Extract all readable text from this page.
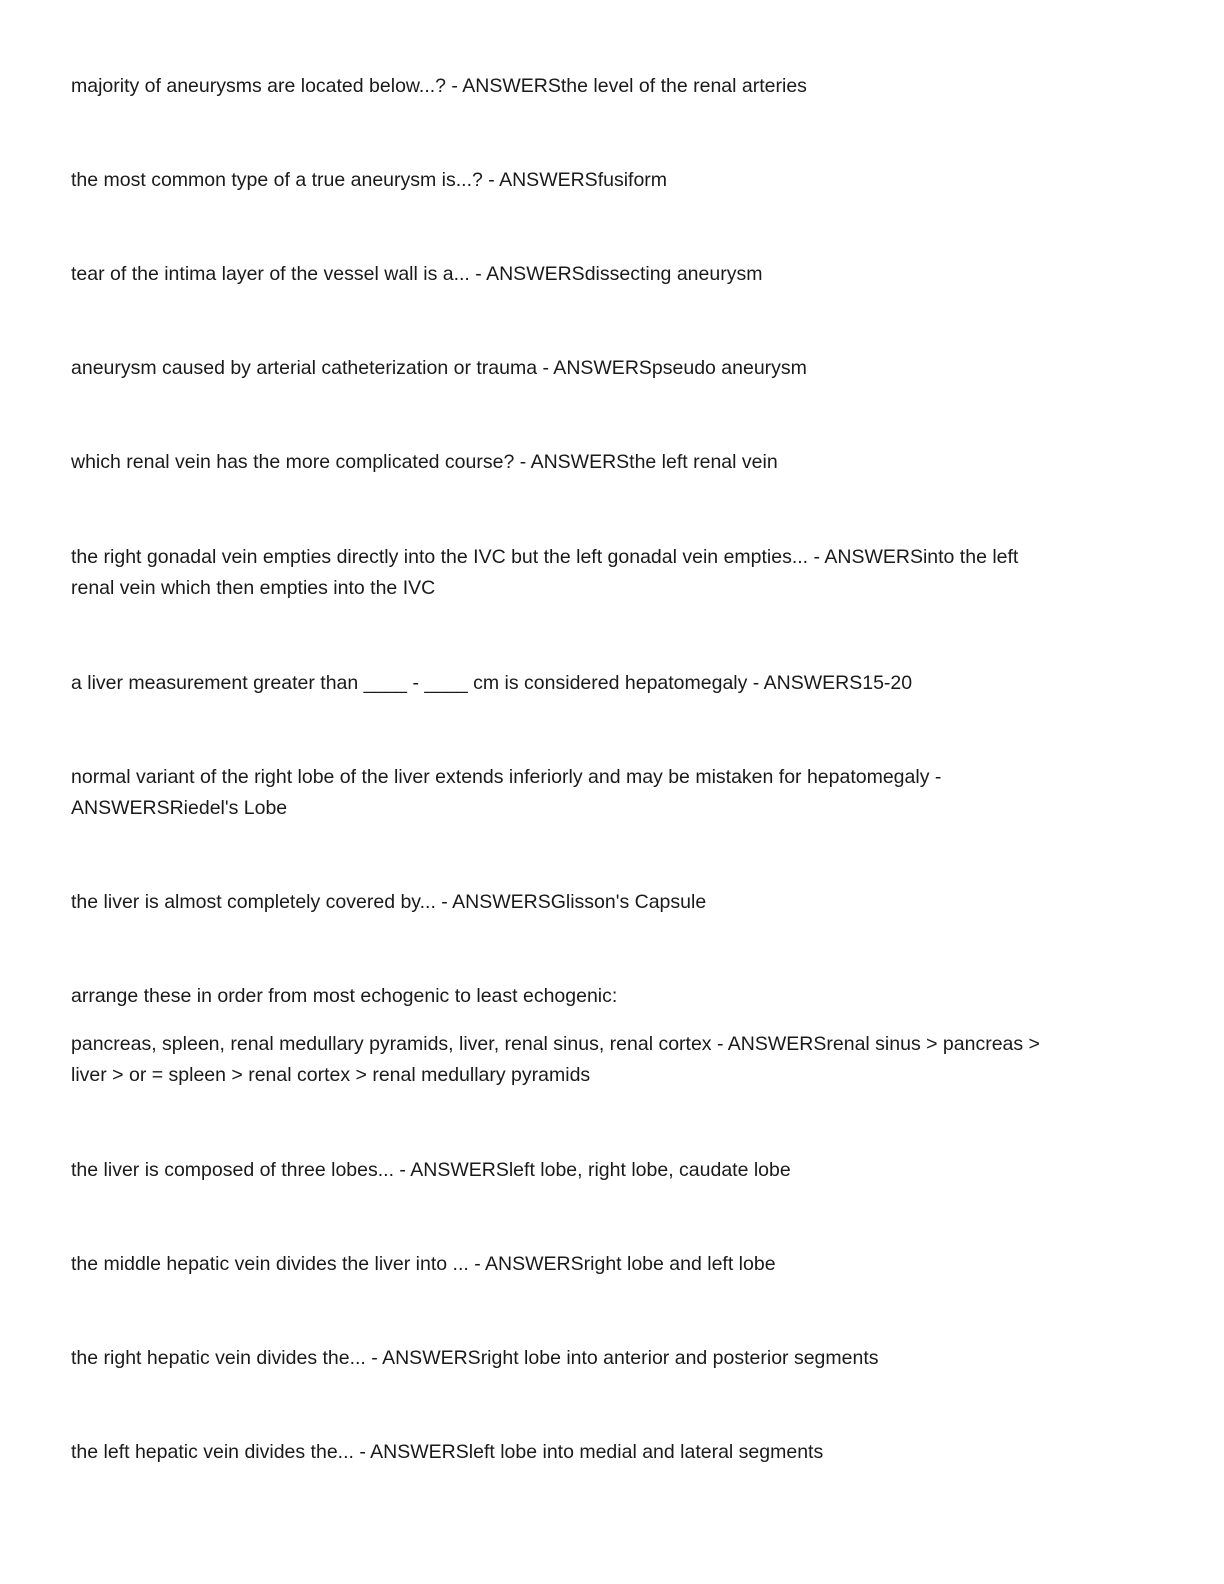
majority of aneurysms are located below...? - ANSWERSthe level of the renal arteries

the most common type of a true aneurysm is...? - ANSWERSfusiform

tear of the intima layer of the vessel wall is a... - ANSWERSdissecting aneurysm

aneurysm caused by arterial catheterization or trauma - ANSWERSpseudo aneurysm

which renal vein has the more complicated course? - ANSWERSthe left renal vein

the right gonadal vein empties directly into the IVC but the left gonadal vein empties... - ANSWERSinto the left

renal vein which then empties into the IVC

a liver measurement greater than ____ - ____ cm is considered hepatomegaly - ANSWERS15-20

normal variant of the right lobe of the liver extends inferiorly and may be mistaken for hepatomegaly -

ANSWERSRiedel's Lobe

the liver is almost completely covered by... - ANSWERSGlisson's Capsule

arrange these in order from most echogenic to least echogenic:

pancreas, spleen, renal medullary pyramids, liver, renal sinus, renal cortex - ANSWERSrenal sinus > pancreas >

liver > or = spleen > renal cortex > renal medullary pyramids

the liver is composed of three lobes... - ANSWERSleft lobe, right lobe, caudate lobe

the middle hepatic vein divides the liver into ... - ANSWERSright lobe and left lobe

the right hepatic vein divides the... - ANSWERSright lobe into anterior and posterior segments

the left hepatic vein divides the... - ANSWERSleft lobe into medial and lateral segments
